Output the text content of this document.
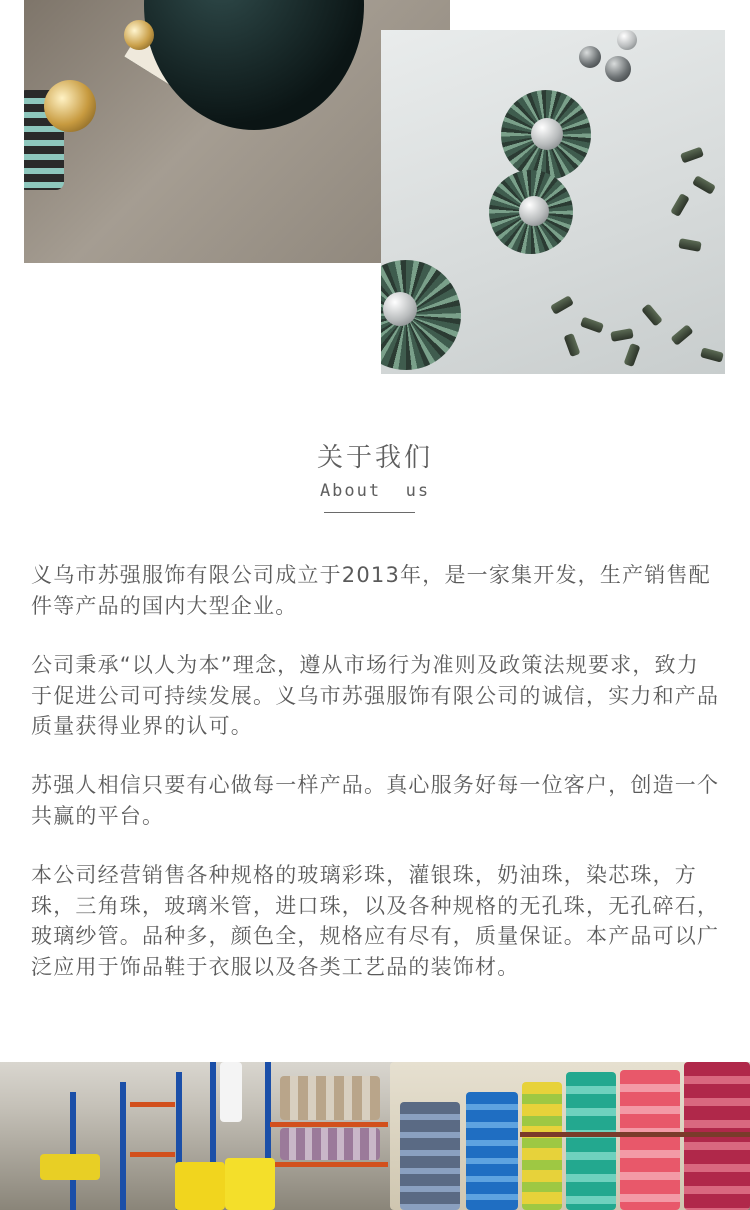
关于我们
About  us

义乌市苏强服饰有限公司成立于2013年，是一家集开发，生产销售配件等产品的国内大型企业。

公司秉承“以人为本”理念，遵从市场行为准则及政策法规要求，致力于促进公司可持续发展。义乌市苏强服饰有限公司的诚信，实力和产品质量获得业界的认可。

苏强人相信只要有心做每一样产品。真心服务好每一位客户，创造一个共赢的平台。

本公司经营销售各种规格的玻璃彩珠，灌银珠，奶油珠，染芯珠，方珠，三角珠，玻璃米管，进口珠，以及各种规格的无孔珠，无孔碎石，玻璃纱管。品种多，颜色全，规格应有尽有，质量保证。本产品可以广泛应用于饰品鞋于衣服以及各类工艺品的装饰材。
